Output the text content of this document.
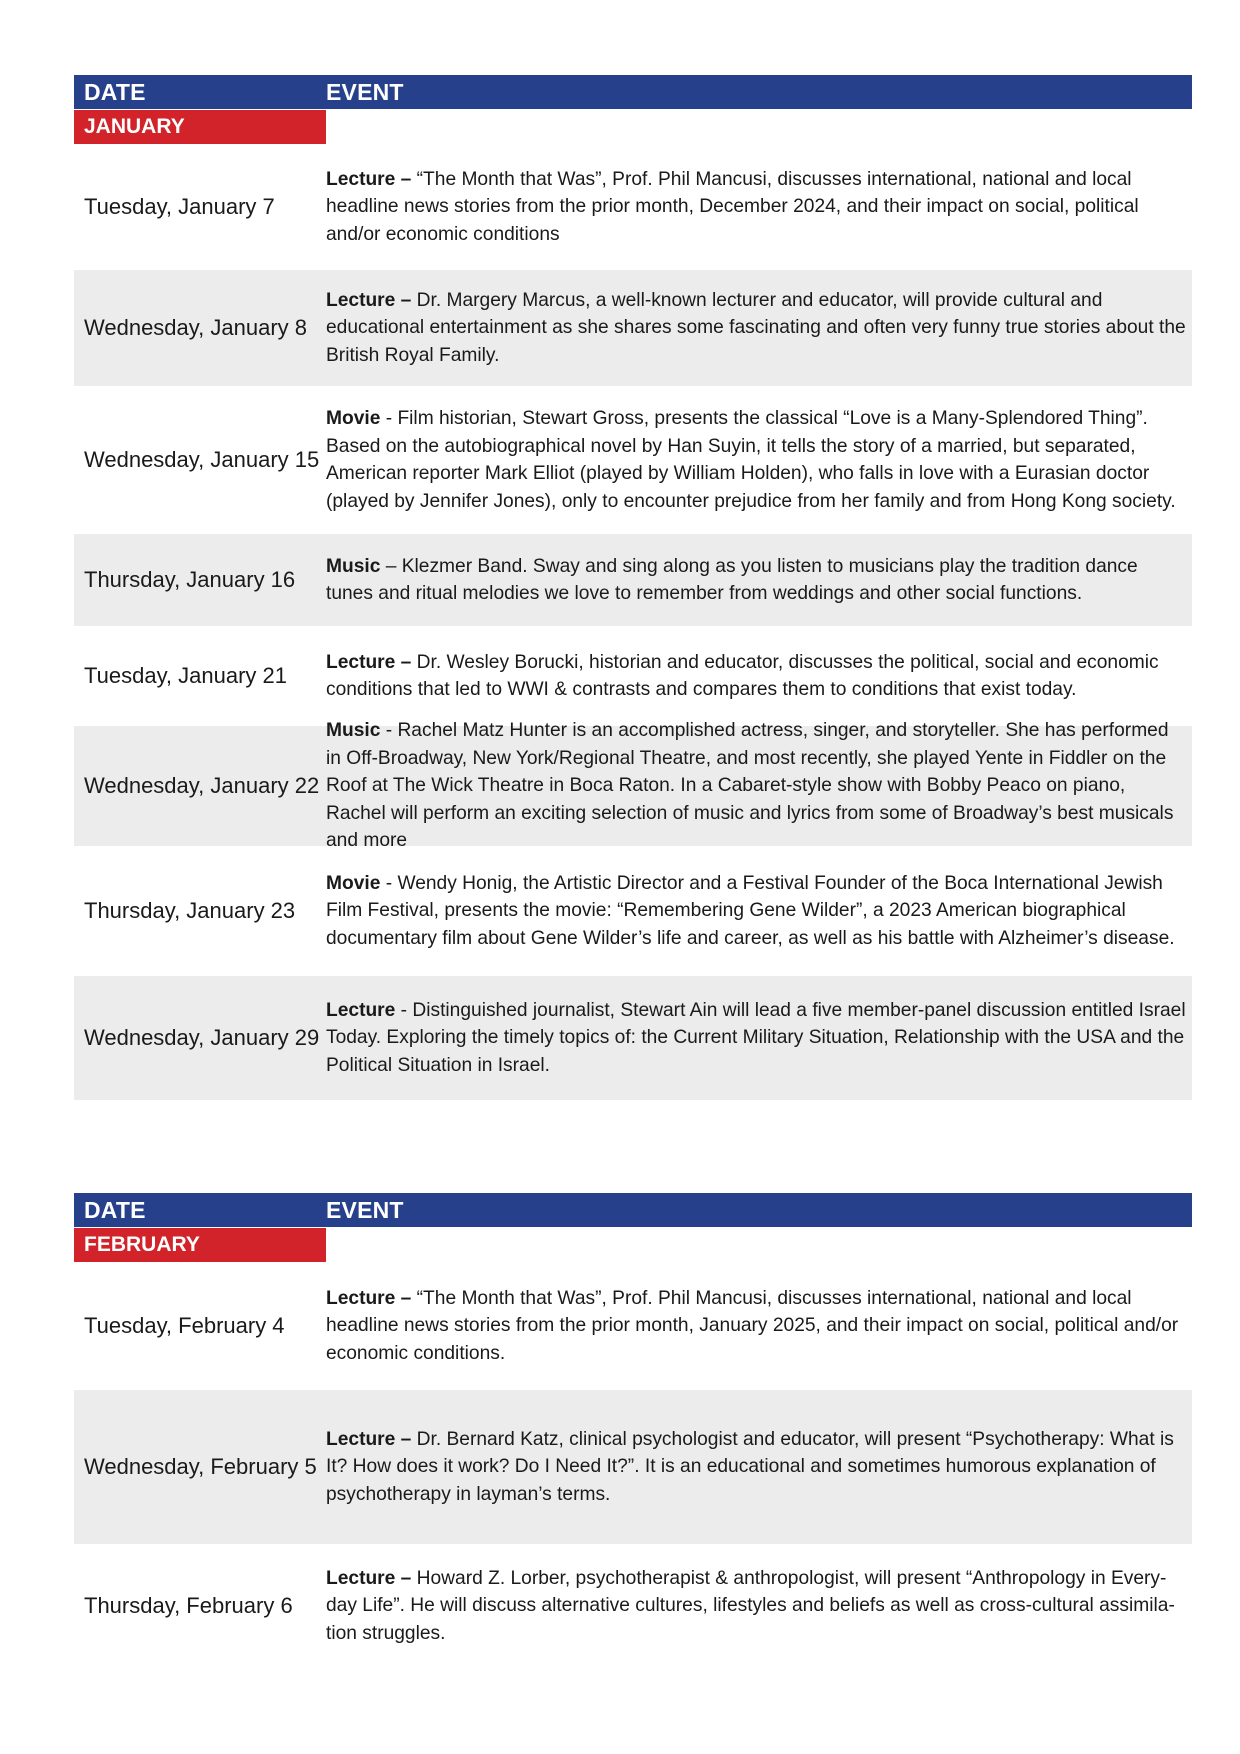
DATE	EVENT
JANUARY
Tuesday, January 7
Lecture – “The Month that Was”, Prof. Phil Mancusi, discusses international, national and local headline news stories from the prior month, December 2024, and their impact on social, political and/or economic conditions
Wednesday, January 8
Lecture – Dr. Margery Marcus, a well-known lecturer and educator, will provide cultural and educational entertainment as she shares some fascinating and often very funny true stories about the British Royal Family.
Wednesday, January 15
Movie - Film historian, Stewart Gross, presents the classical “Love is a Many-Splendored Thing”. Based on the autobiographical novel by Han Suyin, it tells the story of a married, but separated, American reporter Mark Elliot (played by William Holden), who falls in love with a Eurasian doctor (played by Jennifer Jones), only to encounter prejudice from her family and from Hong Kong society.
Thursday, January 16
Music – Klezmer Band. Sway and sing along as you listen to musicians play the tradition dance tunes and ritual melodies we love to remember from weddings and other social functions.
Tuesday, January 21
Lecture – Dr. Wesley Borucki, historian and educator, discusses the political, social and economic conditions that led to WWI & contrasts and compares them to conditions that exist today.
Wednesday, January 22
Music - Rachel Matz Hunter is an accomplished actress, singer, and storyteller. She has performed in Off-Broadway, New York/Regional Theatre, and most recently, she played Yente in Fiddler on the Roof at The Wick Theatre in Boca Raton. In a Cabaret-style show with Bobby Peaco on piano, Rachel will perform an exciting selection of music and lyrics from some of Broadway’s best musicals and more
Thursday, January 23
Movie - Wendy Honig, the Artistic Director and a Festival Founder of the Boca International Jewish Film Festival, presents the movie: “Remembering Gene Wilder”, a 2023 American biographical documentary film about Gene Wilder’s life and career, as well as his battle with Alzheimer’s disease.
Wednesday, January 29
Lecture - Distinguished journalist, Stewart Ain will lead a five member-panel discussion entitled Israel Today. Exploring the timely topics of: the Current Military Situation, Relationship with the USA and the Political Situation in Israel.
DATE	EVENT
FEBRUARY
Tuesday, February 4
Lecture – “The Month that Was”, Prof. Phil Mancusi, discusses international, national and local headline news stories from the prior month, January 2025, and their impact on social, political and/or economic conditions.
Wednesday, February 5
Lecture – Dr. Bernard Katz, clinical psychologist and educator, will present “Psychotherapy: What is It? How does it work? Do I Need It?”. It is an educational and sometimes humorous explanation of psychotherapy in layman’s terms.
Thursday, February 6
Lecture – Howard Z. Lorber, psychotherapist & anthropologist, will present “Anthropology in Every-day Life”. He will discuss alternative cultures, lifestyles and beliefs as well as cross-cultural assimila-tion struggles.
